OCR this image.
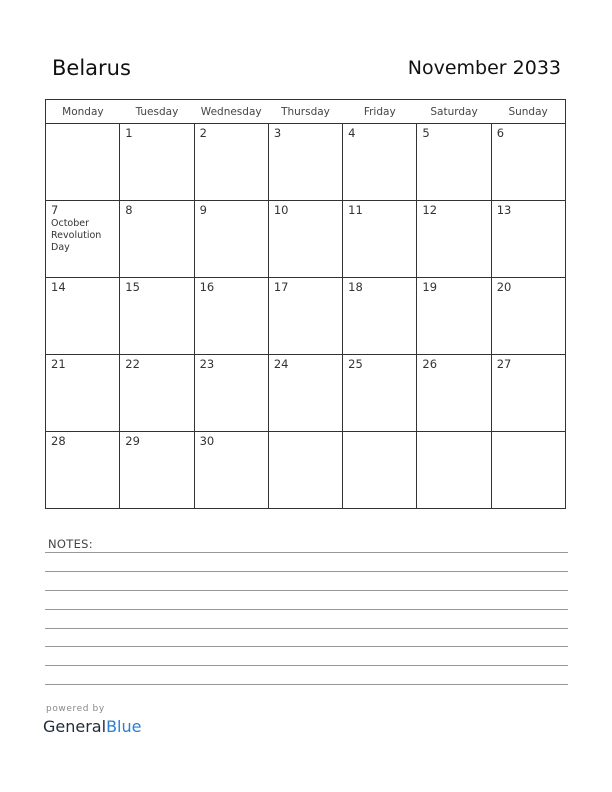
Belarus	November 2033
Monday	Tuesday	Wednesday	Thursday	Friday	Saturday	Sunday

	1	2	3	4	5	6

7
October Revolution Day	8	9	10	11	12	13

14	15	16	17	18	19	20

21	22	23	24	25	26	27

28	29	30				

NOTES:
powered by
GeneralBlue
